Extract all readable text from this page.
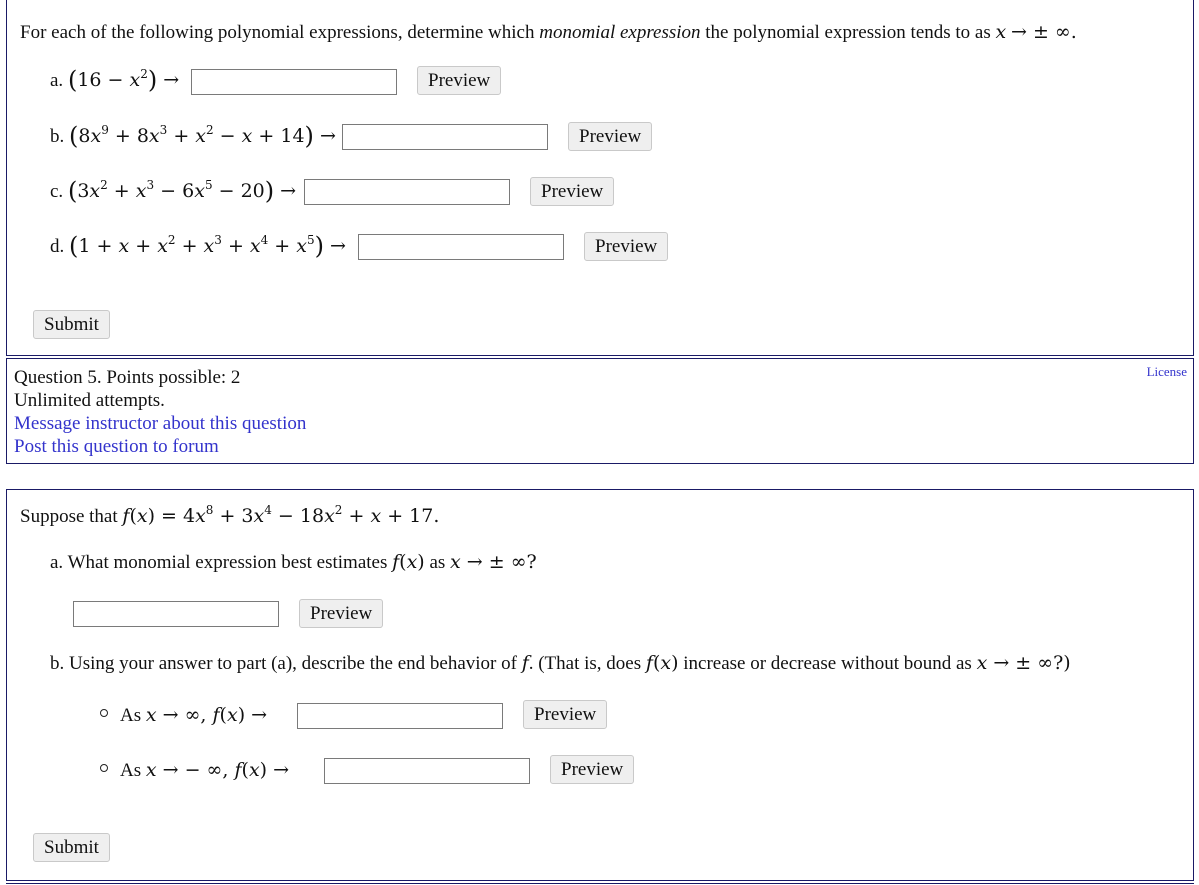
For each of the following polynomial expressions, determine which monomial expression the polynomial expression tends to as x → ± ∞.
a. $(16 - x^2)$ →	Preview
b. $(8x^9 + 8x^3 + x^2 - x + 14)$ →	Preview
c. $(3x^2 + x^3 - 6x^5 - 20)$ →	Preview
d. $(1 + x + x^2 + x^3 + x^4 + x^5)$ →	Preview
Submit
Question 5. Points possible: 2
Unlimited attempts.
Message instructor about this question
Post this question to forum
License
Suppose that $f(x) = 4x^8 + 3x^4 - 18x^2 + x + 17$.
a. What monomial expression best estimates f(x) as x → ± ∞?
Preview
b. Using your answer to part (a), describe the end behavior of f. (That is, does f(x) increase or decrease without bound as x → ± ∞?)
As x → ∞, f(x) →	Preview
As x → − ∞, f(x) →	Preview
Submit
